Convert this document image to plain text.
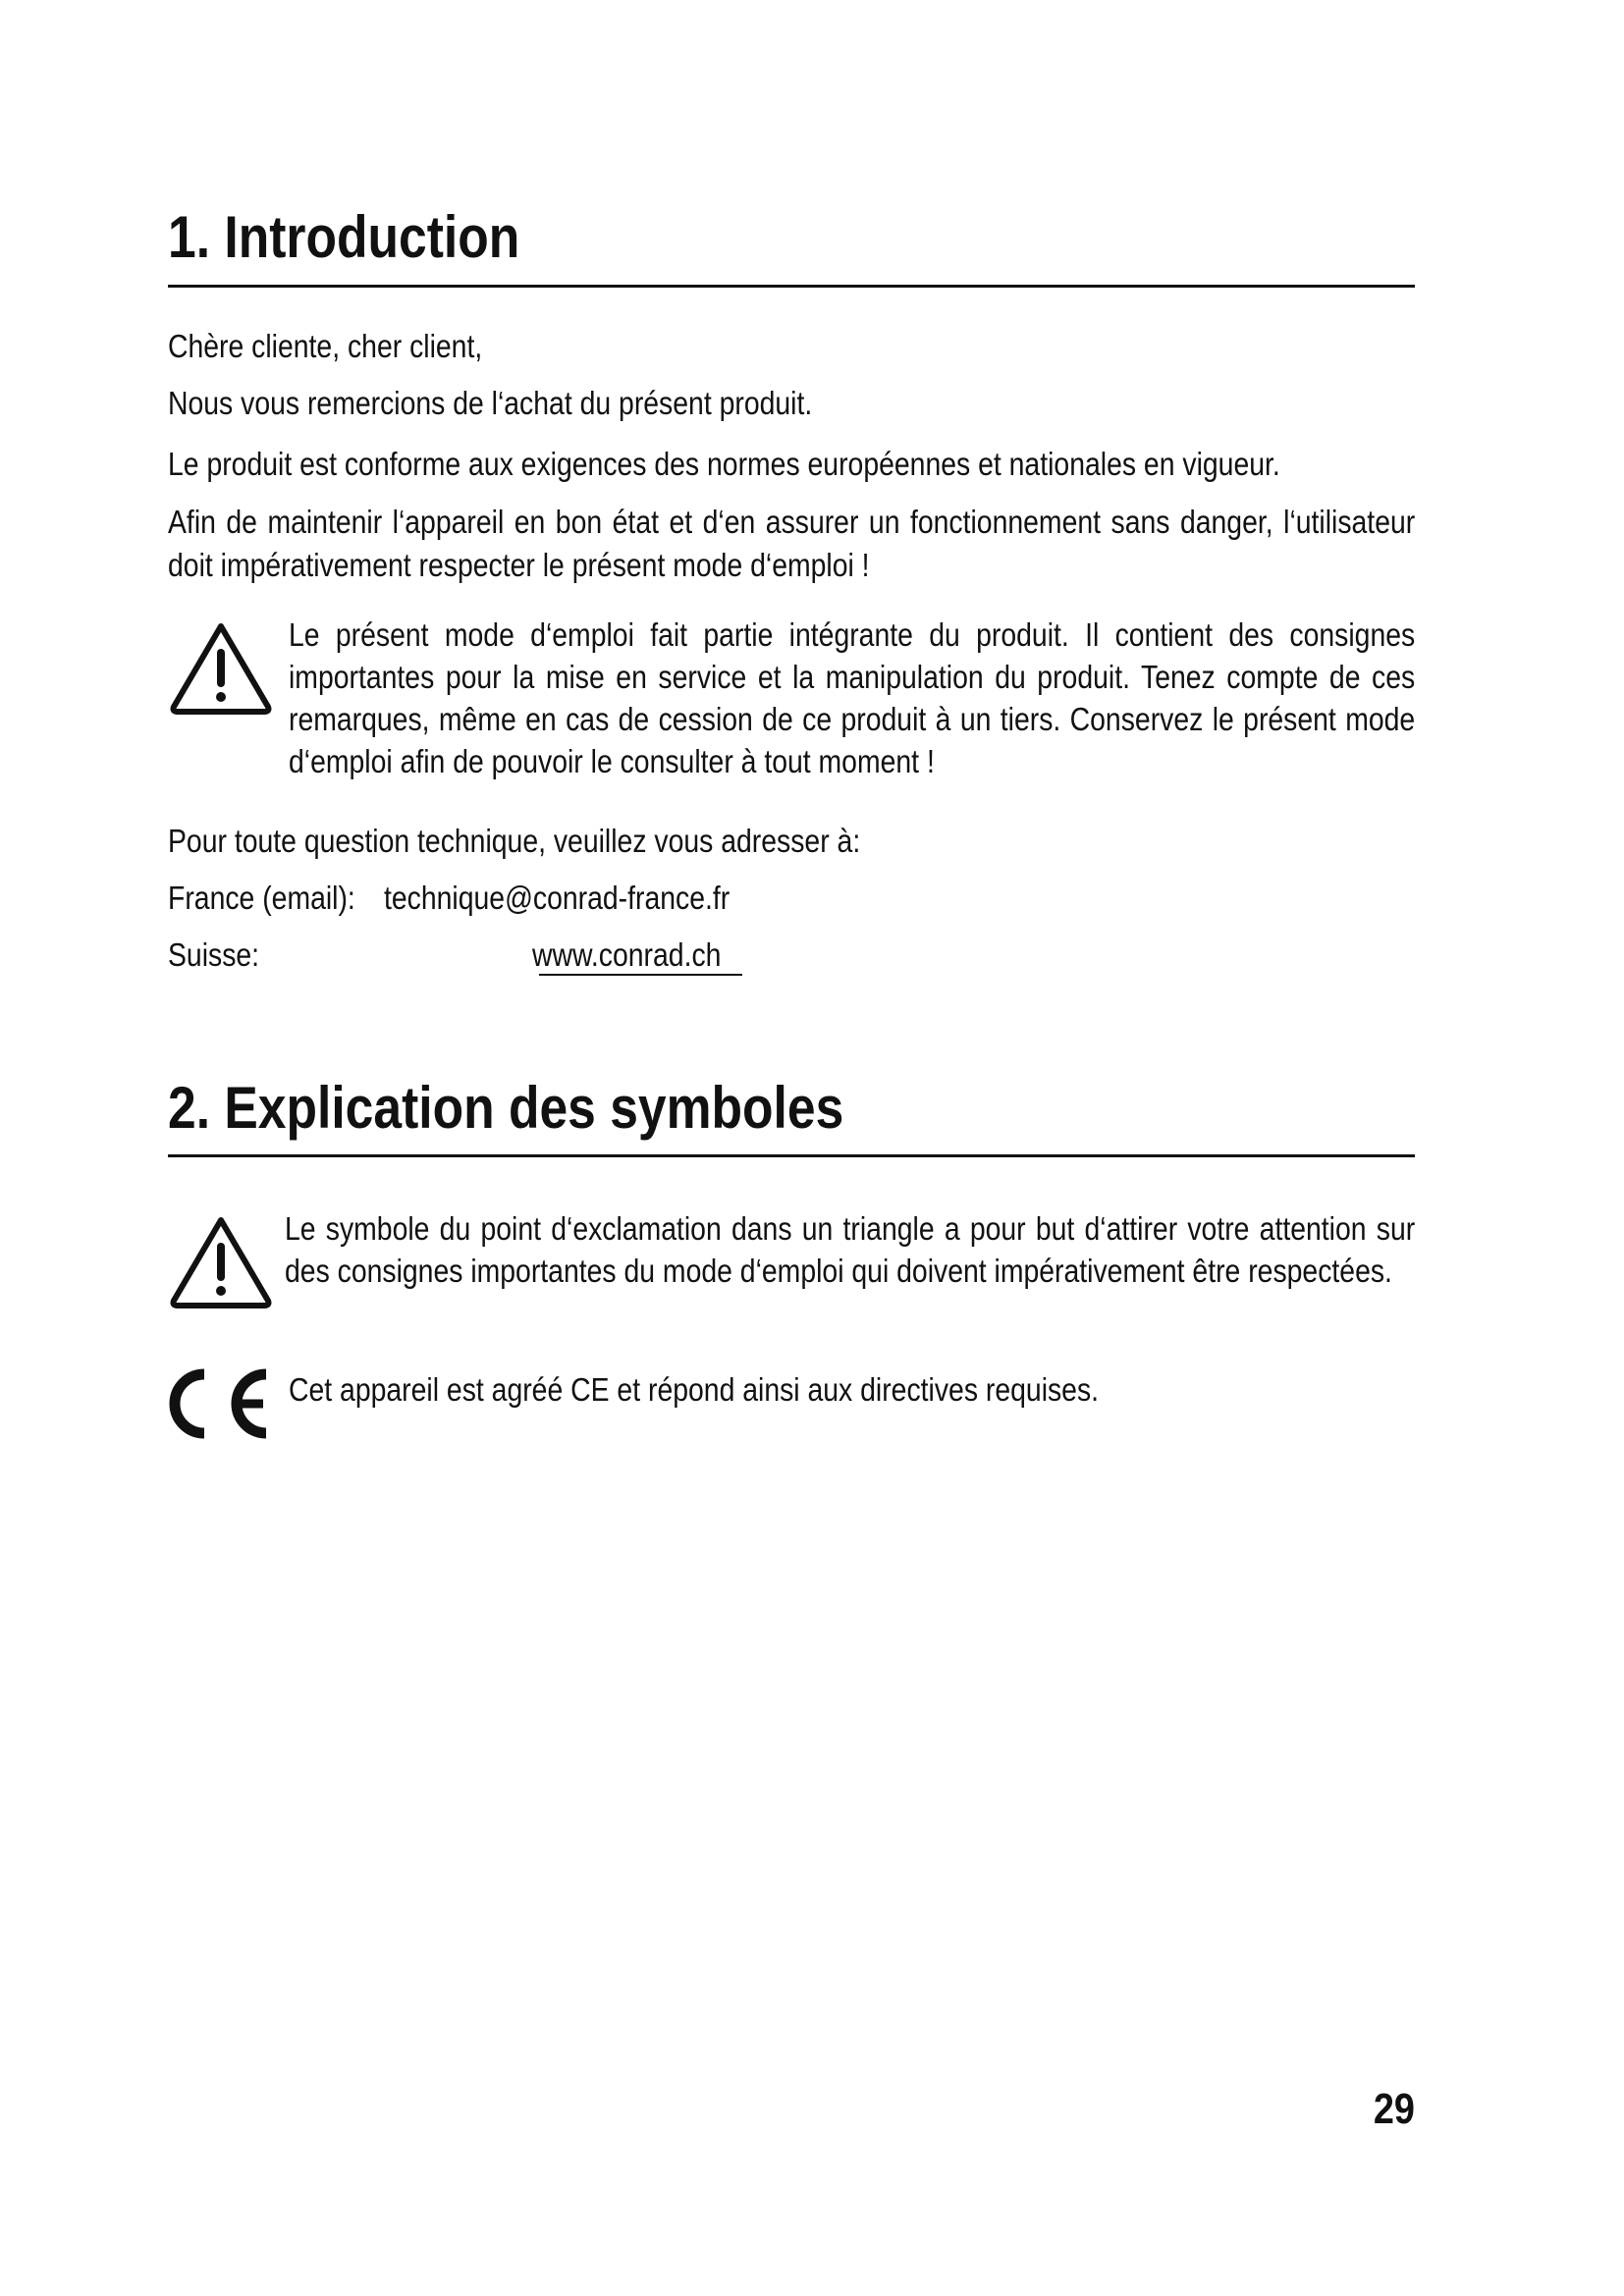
1. Introduction
Chère cliente, cher client,
Nous vous remercions de l‘achat du présent produit.
Le produit est conforme aux exigences des normes européennes et nationales en vigueur.
Afin de maintenir l‘appareil en bon état et d‘en assurer un fonctionnement sans danger, l‘utilisateur doit impérativement respecter le présent mode d‘emploi !
Le présent mode d‘emploi fait partie intégrante du produit. Il contient des consignes importantes pour la mise en service et la manipulation du produit. Tenez compte de ces remarques, même en cas de cession de ce produit à un tiers. Conservez le présent mode d‘emploi afin de pouvoir le consulter à tout moment !
Pour toute question technique, veuillez vous adresser à:
France (email): technique@conrad-france.fr
Suisse:	www.conrad.ch
2. Explication des symboles
Le symbole du point d‘exclamation dans un triangle a pour but d‘attirer votre attention sur des consignes importantes du mode d‘emploi qui doivent impérativement être respectées.
Cet appareil est agréé CE et répond ainsi aux directives requises.
29
